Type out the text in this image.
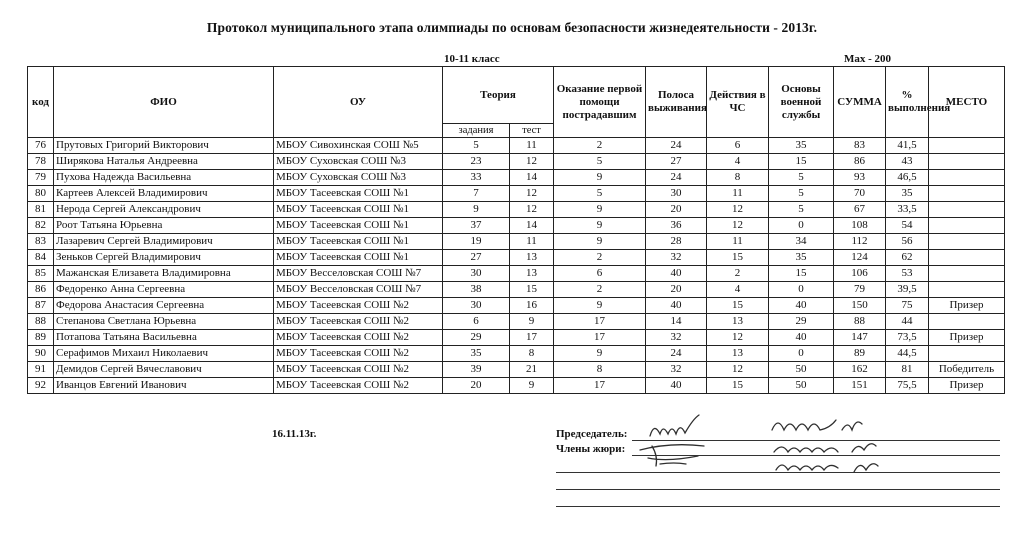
Протокол муниципального этапа олимпиады по основам безопасности жизнедеятельности - 2013г.
10-11 класс	Max - 200
код	ФИО	ОУ	Теория		Оказание первой помощи пострадавшим	Полоса выживания	Действия в ЧС	Основы военной службы	СУММА	% выполнения	МЕСТО
			задания	тест							
76	Прутовых Григорий Викторович	МБОУ Сивохинская СОШ №5	5	11	2	24	6	35	83	41,5	
78	Ширякова Наталья Андреевна	МБОУ Суховская СОШ №3	23	12	5	27	4	15	86	43	
79	Пухова Надежда Васильевна	МБОУ Суховская СОШ №3	33	14	9	24	8	5	93	46,5	
80	Картеев Алексей Владимирович	МБОУ Тасеевская СОШ №1	7	12	5	30	11	5	70	35	
81	Нерода Сергей Александрович	МБОУ Тасеевская СОШ №1	9	12	9	20	12	5	67	33,5	
82	Роот Татьяна Юрьевна	МБОУ Тасеевская СОШ №1	37	14	9	36	12	0	108	54	
83	Лазаревич Сергей Владимирович	МБОУ Тасеевская СОШ №1	19	11	9	28	11	34	112	56	
84	Зеньков Сергей Владимирович	МБОУ Тасеевская СОШ №1	27	13	2	32	15	35	124	62	
85	Мажанская Елизавета Владимировна	МБОУ Весселовская СОШ №7	30	13	6	40	2	15	106	53	
86	Федоренко Анна Сергеевна	МБОУ Весселовская СОШ №7	38	15	2	20	4	0	79	39,5	
87	Федорова Анастасия Сергеевна	МБОУ Тасеевская СОШ №2	30	16	9	40	15	40	150	75	Призер
88	Степанова Светлана Юрьевна	МБОУ Тасеевская СОШ №2	6	9	17	14	13	29	88	44	
89	Потапова Татьяна Васильевна	МБОУ Тасеевская СОШ №2	29	17	17	32	12	40	147	73,5	Призер
90	Серафимов Михаил Николаевич	МБОУ Тасеевская СОШ №2	35	8	9	24	13	0	89	44,5	
91	Демидов Сергей Вячеславович	МБОУ Тасеевская СОШ №2	39	21	8	32	12	50	162	81	Победитель
92	Иванцов Евгений Иванович	МБОУ Тасеевская СОШ №2	20	9	17	40	15	50	151	75,5	Призер
16.11.13г.	Председатель:
Члены жюри:
